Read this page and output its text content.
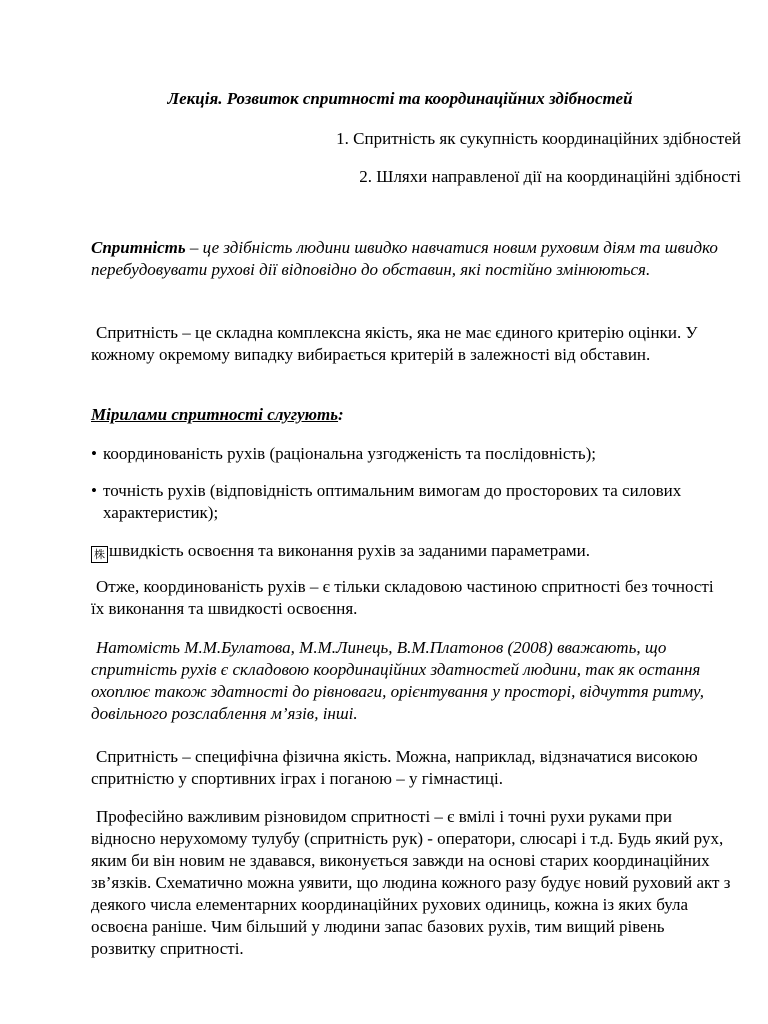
Лекція. Розвиток спритності та координаційних здібностей
1. Спритність як сукупність координаційних здібностей
2. Шляхи направленої дії на координаційні здібності
Спритність – це здібність людини швидко навчатися новим руховим діям та швидко перебудовувати рухові дії відповідно до обставин, які постійно змінюються.
Спритність – це складна комплексна якість, яка не має єдиного критерію оцінки. У кожному окремому випадку вибирається критерій в залежності від обставин.
Мірилами спритності слугують:
• координованість рухів (раціональна узгодженість та послідовність);
• точність рухів (відповідність оптимальним вимогам до просторових та силових характеристик);
株 швидкість освоєння та виконання рухів за заданими параметрами.
Отже, координованість рухів – є тільки складовою частиною спритності без точності їх виконання та швидкості освоєння.
Натомість М.М.Булатова, М.М.Линець, В.М.Платонов (2008) вважають, що спритність рухів є складовою координаційних здатностей людини, так як остання охоплює також здатності до рівноваги, орієнтування у просторі, відчуття ритму, довільного розслаблення м’язів, інші.
Спритність – специфічна фізична якість. Можна, наприклад, відзначатися високою спритністю у спортивних іграх і поганою – у гімнастиці.
Професійно важливим різновидом спритності – є вмілі і точні рухи руками при відносно нерухомому тулубу (спритність рук) - оператори, слюсарі і т.д. Будь який рух, яким би він новим не здавався, виконується завжди на основі старих координаційних зв’язків. Схематично можна уявити, що людина кожного разу будує новий руховий акт з деякого числа елементарних координаційних рухових одиниць, кожна із яких була освоєна раніше. Чим більший у людини запас базових рухів, тим вищий рівень розвитку спритності.
